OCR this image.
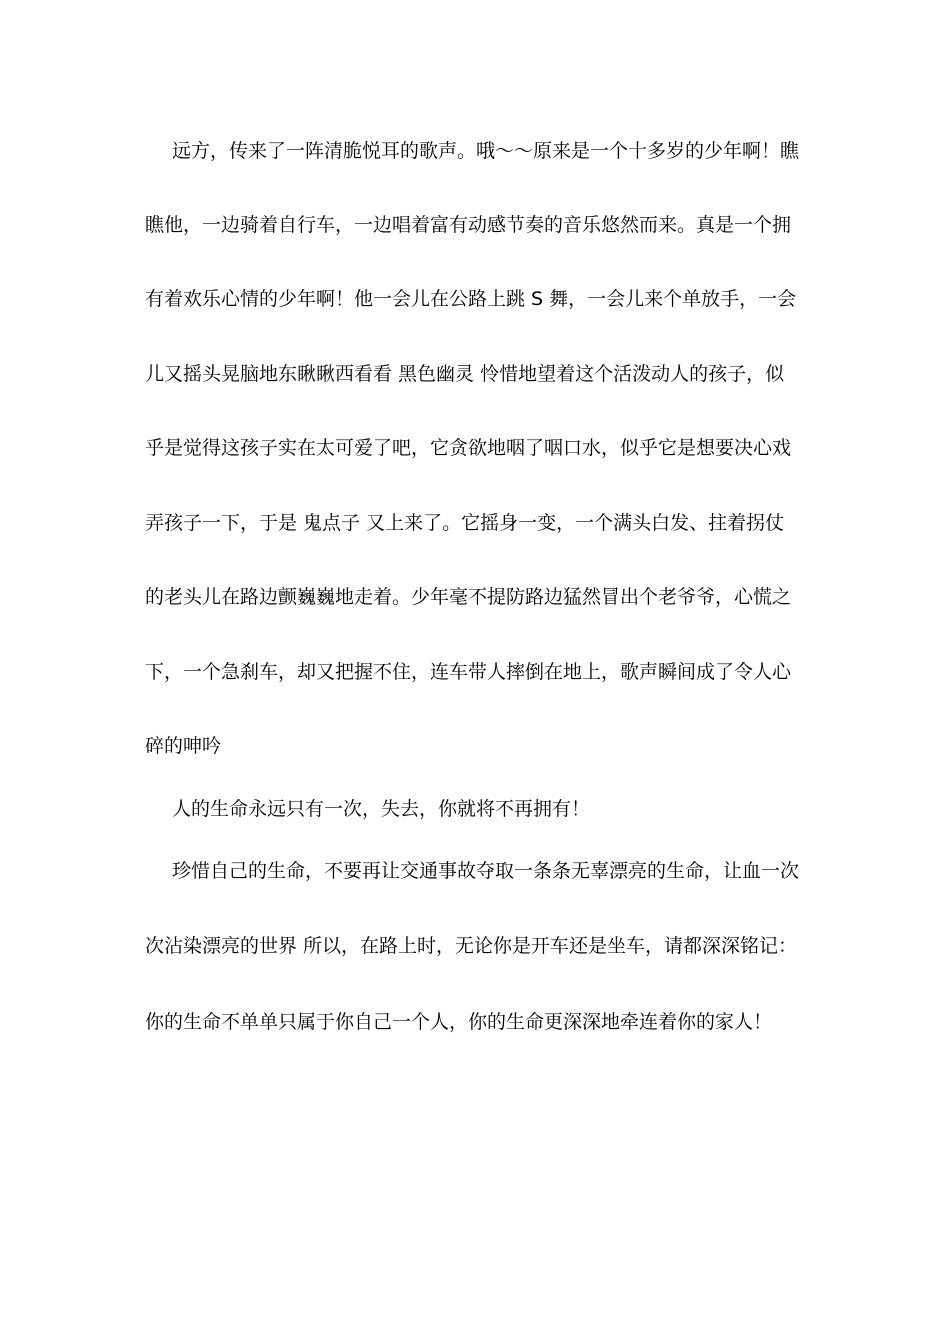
远方，传来了一阵清脆悦耳的歌声。哦～～原来是一个十多岁的少年啊！瞧
瞧他，一边骑着自行车，一边唱着富有动感节奏的音乐悠然而来。真是一个拥
有着欢乐心情的少年啊！他一会儿在公路上跳 S 舞，一会儿来个单放手，一会
儿又摇头晃脑地东瞅瞅西看看 黑色幽灵 怜惜地望着这个活泼动人的孩子，似
乎是觉得这孩子实在太可爱了吧，它贪欲地咽了咽口水，似乎它是想要决心戏
弄孩子一下，于是 鬼点子 又上来了。它摇身一变，一个满头白发、拄着拐仗
的老头儿在路边颤巍巍地走着。少年毫不提防路边猛然冒出个老爷爷，心慌之
下，一个急刹车，却又把握不住，连车带人摔倒在地上，歌声瞬间成了令人心
碎的呻吟
人的生命永远只有一次，失去，你就将不再拥有！
珍惜自己的生命，不要再让交通事故夺取一条条无辜漂亮的生命，让血一次
次沾染漂亮的世界 所以，在路上时，无论你是开车还是坐车，请都深深铭记：
你的生命不单单只属于你自己一个人，你的生命更深深地牵连着你的家人！
